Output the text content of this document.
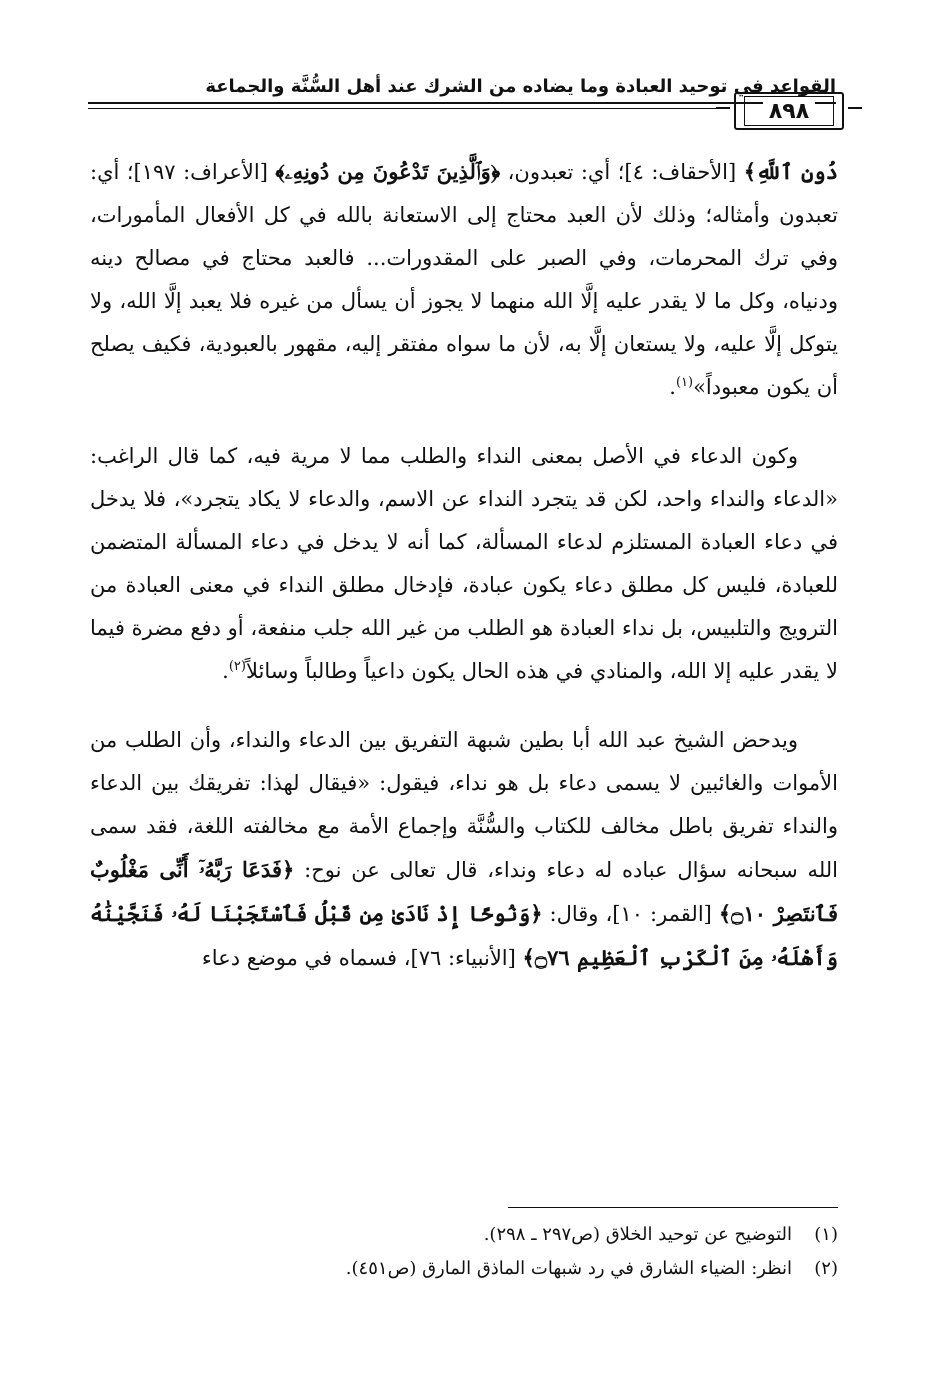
القواعد في توحيد العبادة وما يضاده من الشرك عند أهل السُّنَّة والجماعة
٨٩٨

دُونِ ٱللَّهِ﴾ [الأحقاف: ٤]؛ أي: تعبدون، ﴿وَٱلَّذِينَ تَدْعُونَ مِن دُونِهِۦ﴾ [الأعراف: ١٩٧]؛ أي: تعبدون وأمثاله؛ وذلك لأن العبد محتاج إلى الاستعانة بالله في كل الأفعال المأمورات، وفي ترك المحرمات، وفي الصبر على المقدورات... فالعبد محتاج في مصالح دينه ودنياه، وكل ما لا يقدر عليه إلَّا الله منهما لا يجوز أن يسأل من غيره فلا يعبد إلَّا الله، ولا يتوكل إلَّا عليه، ولا يستعان إلَّا به، لأن ما سواه مفتقر إليه، مقهور بالعبودية، فكيف يصلح أن يكون معبوداً»$^{(١)}$.

وكون الدعاء في الأصل بمعنى النداء والطلب مما لا مرية فيه، كما قال الراغب: «الدعاء والنداء واحد، لكن قد يتجرد النداء عن الاسم، والدعاء لا يكاد يتجرد»، فلا يدخل في دعاء العبادة المستلزم لدعاء المسألة، كما أنه لا يدخل في دعاء المسألة المتضمن للعبادة، فليس كل مطلق دعاء يكون عبادة، فإدخال مطلق النداء في معنى العبادة من الترويج والتلبيس، بل نداء العبادة هو الطلب من غير الله جلب منفعة، أو دفع مضرة فيما لا يقدر عليه إلا الله، والمنادي في هذه الحال يكون داعياً وطالباً وسائلاً$^{(٢)}$.

ويدحض الشيخ عبد الله أبا بطين شبهة التفريق بين الدعاء والنداء، وأن الطلب من الأموات والغائبين لا يسمى دعاء بل هو نداء، فيقول: «فيقال لهذا: تفريقك بين الدعاء والنداء تفريق باطل مخالف للكتاب والسُّنَّة وإجماع الأمة مع مخالفته اللغة، فقد سمى الله سبحانه سؤال عباده له دعاء ونداء، قال تعالى عن نوح: ﴿فَدَعَا رَبَّهُۥٓ أَنِّى مَغْلُوبٌ فَٱنتَصِرْ ۝١٠﴾ [القمر: ١٠]، وقال: ﴿وَنُوحًا إِذْ نَادَىٰ مِن قَبْلُ فَٱسْتَجَبْنَا لَهُۥ فَنَجَّيْنَٰهُ وَأَهْلَهُۥ مِنَ ٱلْكَرْبِ ٱلْعَظِيمِ ۝٧٦﴾ [الأنبياء: ٧٦]، فسماه في موضع دعاء

(١)
التوضيح عن توحيد الخلاق (ص٢٩٧ ـ ٢٩٨).
(٢)
انظر: الضياء الشارق في رد شبهات الماذق المارق (ص٤٥١).
